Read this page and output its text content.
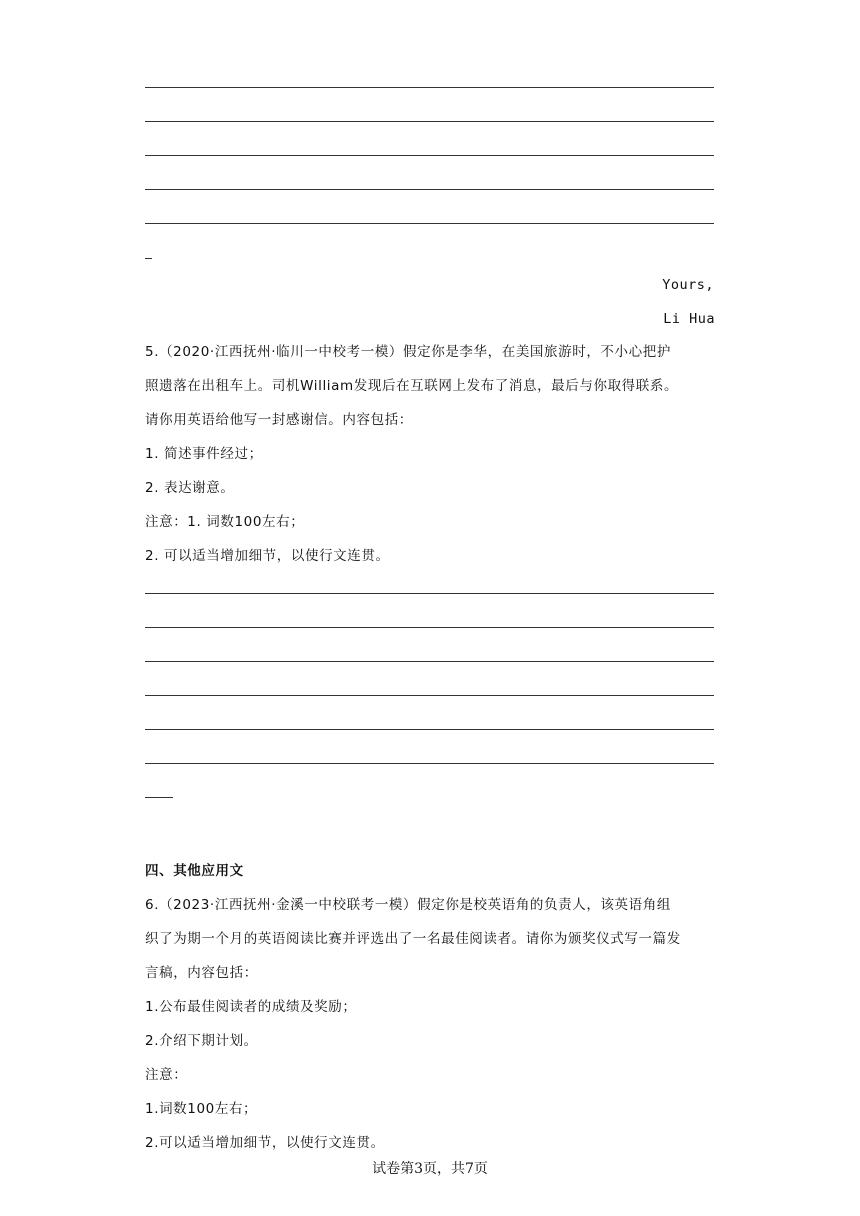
Yours,
Li Hua
5.（2020·江西抚州·临川一中校考一模）假定你是李华，在美国旅游时，不小心把护
照遗落在出租车上。司机William发现后在互联网上发布了消息，最后与你取得联系。
请你用英语给他写一封感谢信。内容包括：
1. 简述事件经过；
2. 表达谢意。
注意：1. 词数100左右；
2. 可以适当增加细节，以使行文连贯。
四、其他应用文
6.（2023·江西抚州·金溪一中校联考一模）假定你是校英语角的负责人，该英语角组
织了为期一个月的英语阅读比赛并评选出了一名最佳阅读者。请你为颁奖仪式写一篇发
言稿，内容包括：
1.公布最佳阅读者的成绩及奖励；
2.介绍下期计划。
注意：
1.词数100左右；
2.可以适当增加细节，以使行文连贯。
试卷第3页，共7页
